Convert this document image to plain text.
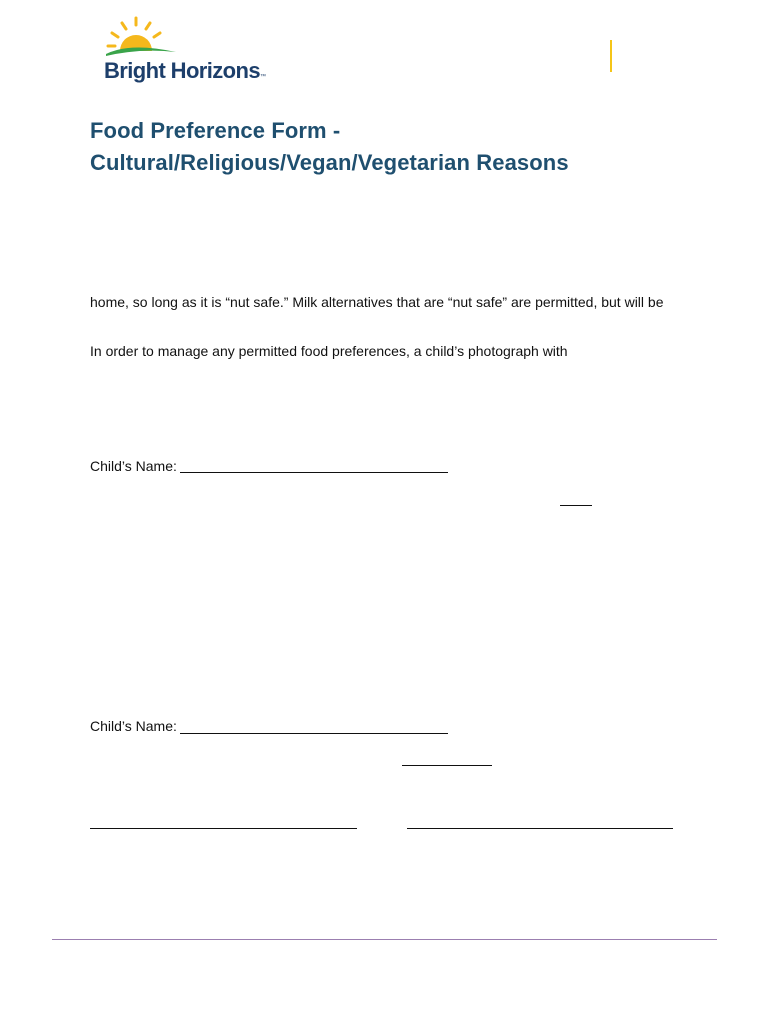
Bright Horizons™
Food Preference Form -
Cultural/Religious/Vegan/Vegetarian Reasons
home, so long as it is “nut safe.” Milk alternatives that are “nut safe” are permitted, but will be
In order to manage any permitted food preferences, a child’s photograph with
Child’s Name:
Child’s Name:
